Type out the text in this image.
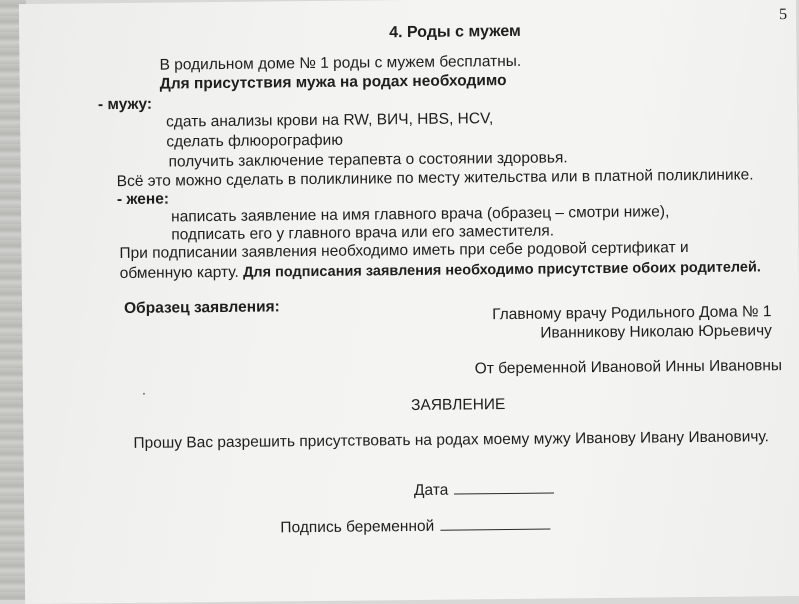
5
4. Роды с мужем
В родильном доме № 1 роды с мужем бесплатны.
Для присутствия мужа на родах необходимо
- мужу:
сдать анализы крови на RW, ВИЧ, HBS, HCV,
сделать флюорографию
получить заключение терапевта о состоянии здоровья.
Всё это можно сделать в поликлинике по месту жительства или в платной поликлинике.
- жене:
написать заявление на имя главного врача (образец – смотри ниже),
подписать его у главного врача или его заместителя.
При подписании заявления необходимо иметь при себе родовой сертификат и
обменную карту. Для подписания заявления необходимо присутствие обоих родителей.
Образец заявления:	Главному врачу Родильного Дома № 1
Иванникову Николаю Юрьевичу
От беременной Ивановой Инны Ивановны
ЗАЯВЛЕНИЕ
Прошу Вас разрешить присутствовать на родах моему мужу Иванову Ивану Ивановичу.
Дата
Подпись беременной
